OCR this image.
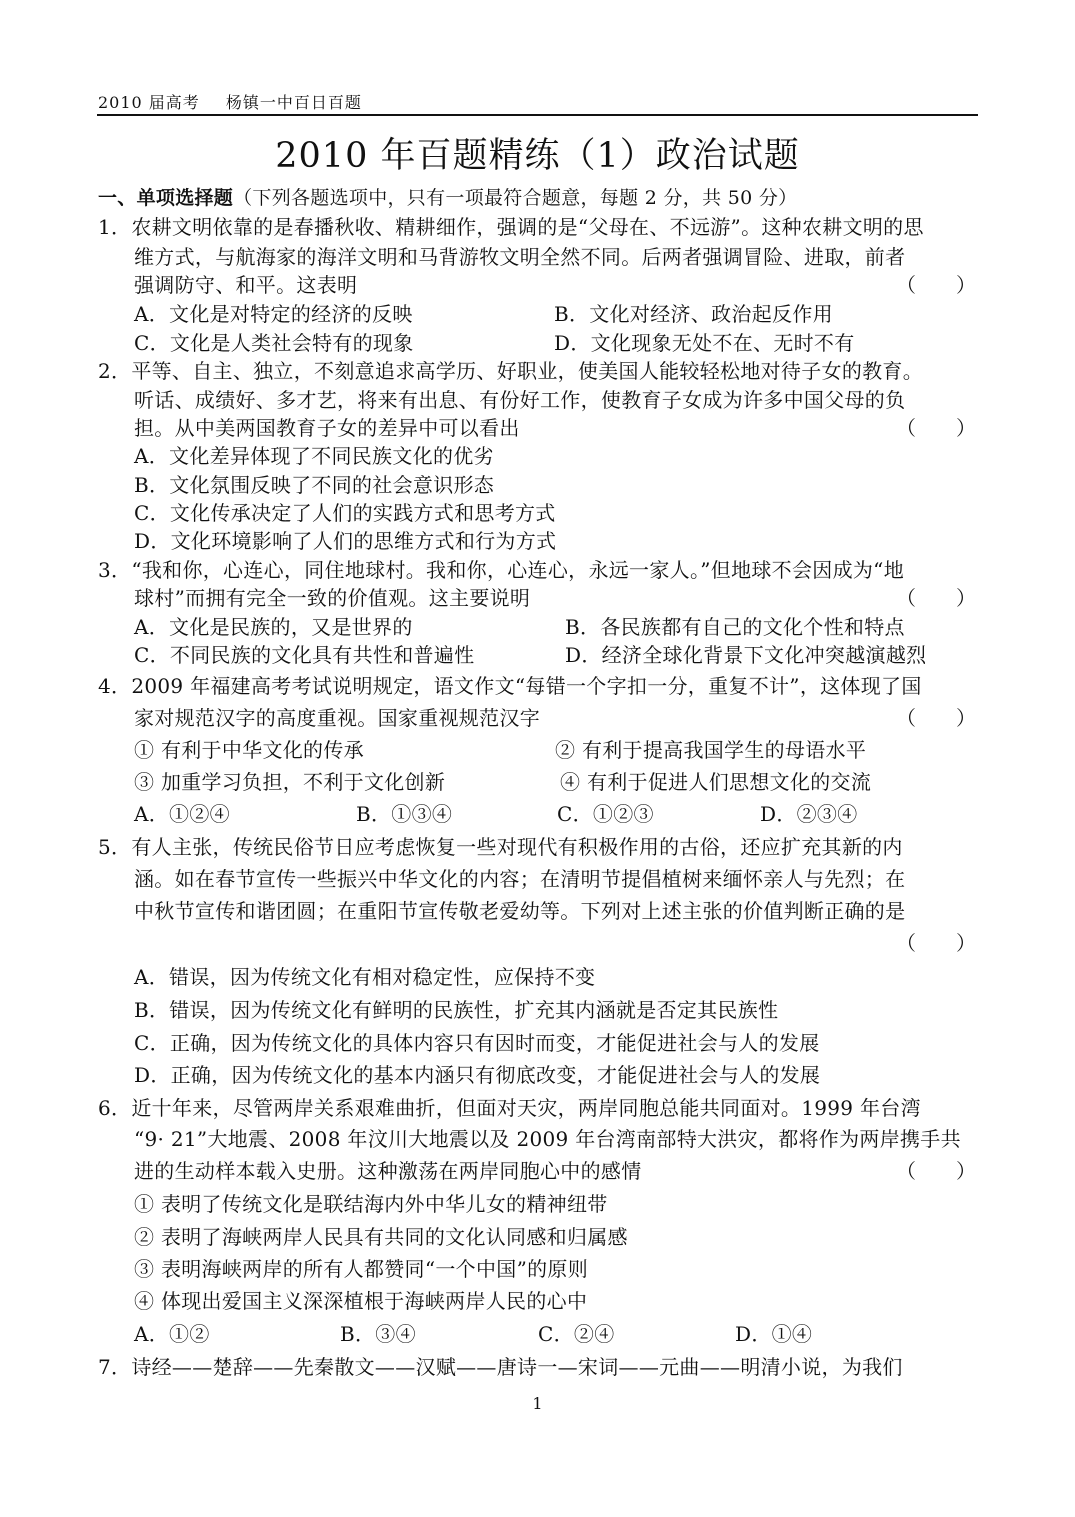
2010 届高考 杨镇一中百日百题
2010 年百题精练（1）政治试题
一、单项选择题（下列各题选项中，只有一项最符合题意，每题 2 分，共 50 分）
1．农耕文明依靠的是春播秋收、精耕细作，强调的是“父母在、不远游”。这种农耕文明的思
维方式，与航海家的海洋文明和马背游牧文明全然不同。后两者强调冒险、进取，前者
强调防守、和平。这表明	（　　）
A．文化是对特定的经济的反映	B．文化对经济、政治起反作用
C．文化是人类社会特有的现象	D．文化现象无处不在、无时不有
2．平等、自主、独立，不刻意追求高学历、好职业，使美国人能较轻松地对待子女的教育。
听话、成绩好、多才艺，将来有出息、有份好工作，使教育子女成为许多中国父母的负
担。从中美两国教育子女的差异中可以看出	（　　）
A．文化差异体现了不同民族文化的优劣
B．文化氛围反映了不同的社会意识形态
C．文化传承决定了人们的实践方式和思考方式
D．文化环境影响了人们的思维方式和行为方式
3．“我和你，心连心，同住地球村。我和你，心连心，永远一家人。”但地球不会因成为“地
球村”而拥有完全一致的价值观。这主要说明	（　　）
A．文化是民族的，又是世界的	B．各民族都有自己的文化个性和特点
C．不同民族的文化具有共性和普遍性	D．经济全球化背景下文化冲突越演越烈
4．2009 年福建高考考试说明规定，语文作文“每错一个字扣一分，重复不计”，这体现了国
家对规范汉字的高度重视。国家重视规范汉字	（　　）
① 有利于中华文化的传承	② 有利于提高我国学生的母语水平
③ 加重学习负担，不利于文化创新	④ 有利于促进人们思想文化的交流
A．①②④	B．①③④	C．①②③	D．②③④
5．有人主张，传统民俗节日应考虑恢复一些对现代有积极作用的古俗，还应扩充其新的内
涵。如在春节宣传一些振兴中华文化的内容；在清明节提倡植树来缅怀亲人与先烈；在
中秋节宣传和谐团圆；在重阳节宣传敬老爱幼等。下列对上述主张的价值判断正确的是
（　　）
A．错误，因为传统文化有相对稳定性，应保持不变
B．错误，因为传统文化有鲜明的民族性，扩充其内涵就是否定其民族性
C．正确，因为传统文化的具体内容只有因时而变，才能促进社会与人的发展
D．正确，因为传统文化的基本内涵只有彻底改变，才能促进社会与人的发展
6．近十年来，尽管两岸关系艰难曲折，但面对天灾，两岸同胞总能共同面对。1999 年台湾
“9· 21”大地震、2008 年汶川大地震以及 2009 年台湾南部特大洪灾，都将作为两岸携手共
进的生动样本载入史册。这种激荡在两岸同胞心中的感情	（　　）
① 表明了传统文化是联结海内外中华儿女的精神纽带
② 表明了海峡两岸人民具有共同的文化认同感和归属感
③ 表明海峡两岸的所有人都赞同“一个中国”的原则
④ 体现出爱国主义深深植根于海峡两岸人民的心中
A．①②	B．③④	C．②④	D．①④
7．诗经——楚辞——先秦散文——汉赋——唐诗一—宋词——元曲——明清小说，为我们
1
